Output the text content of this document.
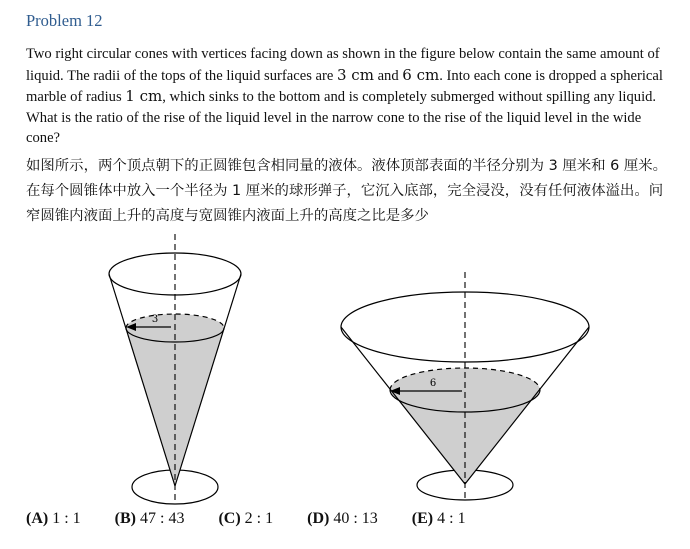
Problem 12
Two right circular cones with vertices facing down as shown in the figure below contain the same amount of liquid. The radii of the tops of the liquid surfaces are 3 cm and 6 cm. Into each cone is dropped a spherical marble of radius 1 cm, which sinks to the bottom and is completely submerged without spilling any liquid. What is the ratio of the rise of the liquid level in the narrow cone to the rise of the liquid level in the wide cone?
如图所示，两个顶点朝下的正圆锥包含相同量的液体。液体顶部表面的半径分别为 3 厘米和 6 厘米。在每个圆锥体中放入一个半径为 1 厘米的球形弹子，它沉入底部，完全浸没，没有任何液体溢出。问窄圆锥内液面上升的高度与宽圆锥内液面上升的高度之比是多少
3
6
(A) 1 : 1 (B) 47 : 43 (C) 2 : 1 (D) 40 : 13 (E) 4 : 1
